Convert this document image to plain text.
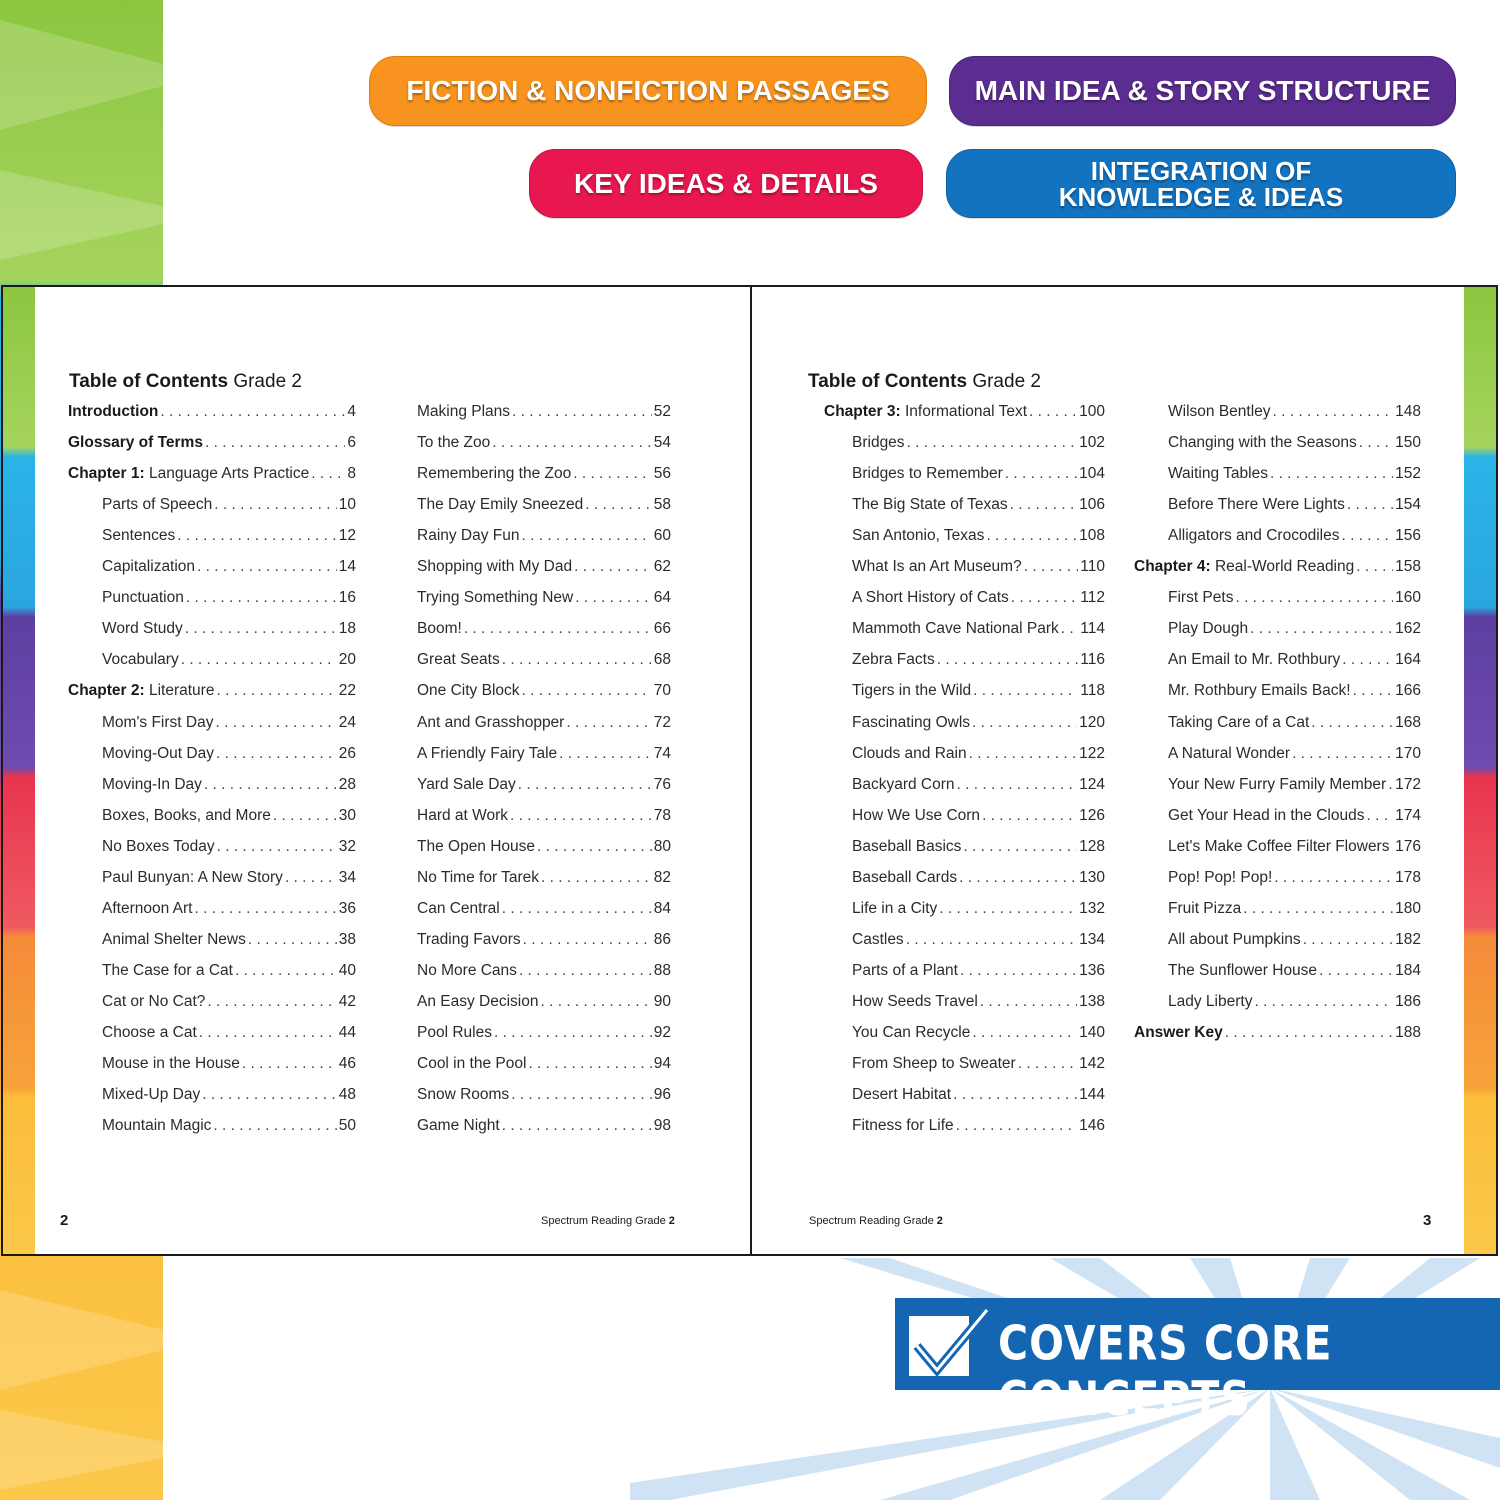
FICTION & NONFICTION PASSAGES	MAIN IDEA & STORY STRUCTURE
KEY IDEAS & DETAILS	INTEGRATION OF
KNOWLEDGE & IDEAS
Table of Contents Grade 2
Introduction . . .	4
Glossary of Terms . . .	6
Chapter 1: Language Arts Practice . . . 8
Parts of Speech . . .	10
Sentences . . .	12
Capitalization . . .	14
Punctuation . . .	16
Word Study . . .	18
Vocabulary . . .	20
Chapter 2: Literature . . .	22
Mom's First Day . . .	24
Moving-Out Day . . .	26
Moving-In Day . . .	28
Boxes, Books, and More . . .	30
No Boxes Today . . .	32
Paul Bunyan: A New Story . . .	34
Afternoon Art . . .	36
Animal Shelter News . . .	38
The Case for a Cat . . .	40
Cat or No Cat? . . .	42
Choose a Cat . . .	44
Mouse in the House . . .	46
Mixed-Up Day . . .	48
Mountain Magic . . .	50
Making Plans . . .	52
To the Zoo . . .	54
Remembering the Zoo . . .	56
The Day Emily Sneezed . . .	58
Rainy Day Fun . . .	60
Shopping with My Dad . . .	62
Trying Something New . . .	64
Boom! . . .	66
Great Seats . . .	68
One City Block . . .	70
Ant and Grasshopper . . .	72
A Friendly Fairy Tale . . .	74
Yard Sale Day . . .	76
Hard at Work . . .	78
The Open House . . .	80
No Time for Tarek . . .	82
Can Central . . .	84
Trading Favors . . .	86
No More Cans . . .	88
An Easy Decision . . .	90
Pool Rules . . .	92
Cool in the Pool . . .	94
Snow Rooms . . .	96
Game Night . . .	98
2	Spectrum Reading Grade 2
Table of Contents Grade 2
Chapter 3: Informational Text . . .	100
Bridges . . .	102
Bridges to Remember . . .	104
The Big State of Texas . . .	106
San Antonio, Texas . . .	108
What Is an Art Museum? . . .	110
A Short History of Cats . . .	112
Mammoth Cave National Park . . . 114
Zebra Facts . . .	116
Tigers in the Wild . . .	118
Fascinating Owls . . .	120
Clouds and Rain . . .	122
Backyard Corn . . .	124
How We Use Corn . . .	126
Baseball Basics . . .	128
Baseball Cards . . .	130
Life in a City . . .	132
Castles . . .	134
Parts of a Plant . . .	136
How Seeds Travel . . .	138
You Can Recycle . . .	140
From Sheep to Sweater . . .	142
Desert Habitat . . .	144
Fitness for Life . . .	146
Wilson Bentley . . .	148
Changing with the Seasons . . . 150
Waiting Tables . . .	152
Before There Were Lights . . .	154
Alligators and Crocodiles . . .	156
Chapter 4: Real-World Reading . . .	158
First Pets . . .	160
Play Dough . . .	162
An Email to Mr. Rothbury . . .	164
Mr. Rothbury Emails Back! . . .	166
Taking Care of a Cat . . .	168
A Natural Wonder . . .	170
Your New Furry Family Member . . . 172
Get Your Head in the Clouds . . . 174
Let's Make Coffee Filter Flowers . . . 176
Pop! Pop! Pop! . . .	178
Fruit Pizza . . .	180
All about Pumpkins . . .	182
The Sunflower House . . .	184
Lady Liberty . . .	186
Answer Key . . .	188
Spectrum Reading Grade 2	3
COVERS CORE CONCEPTS
